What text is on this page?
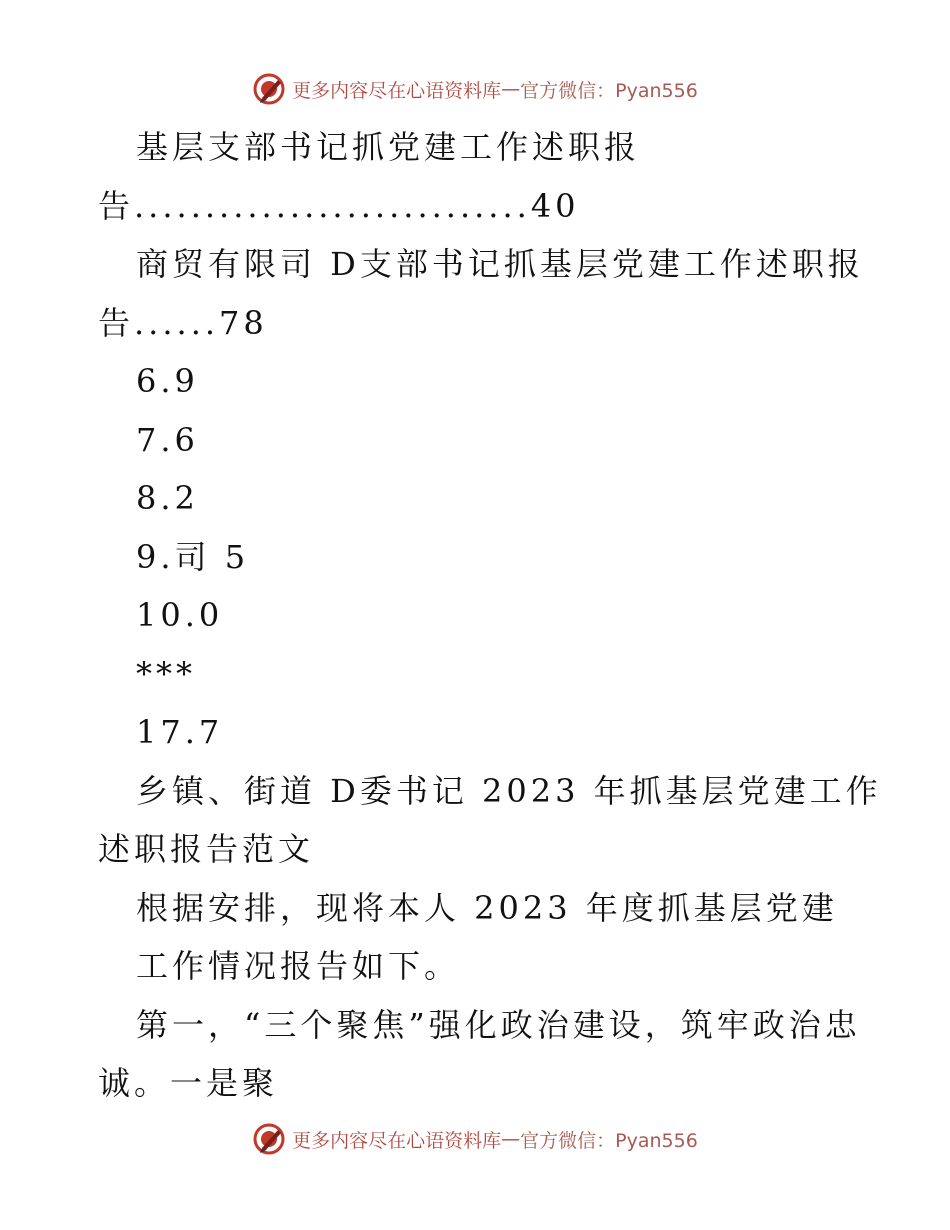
更多内容尽在心语资料库 — 官方微信：Pyan556
基层支部书记抓党建工作述职报
告............................40
商贸有限司 D支部书记抓基层党建工作述职报
告......78
6.9
7.6
8.2
9.司 5
10.0
***
17.7
乡镇、街道 D委书记 2023 年抓基层党建工作
述职报告范文
根据安排，现将本人 2023 年度抓基层党建
工作情况报告如下。
第一，“三个聚焦”强化政治建设，筑牢政治忠
诚。一是聚
更多内容尽在心语资料库 — 官方微信：Pyan556
